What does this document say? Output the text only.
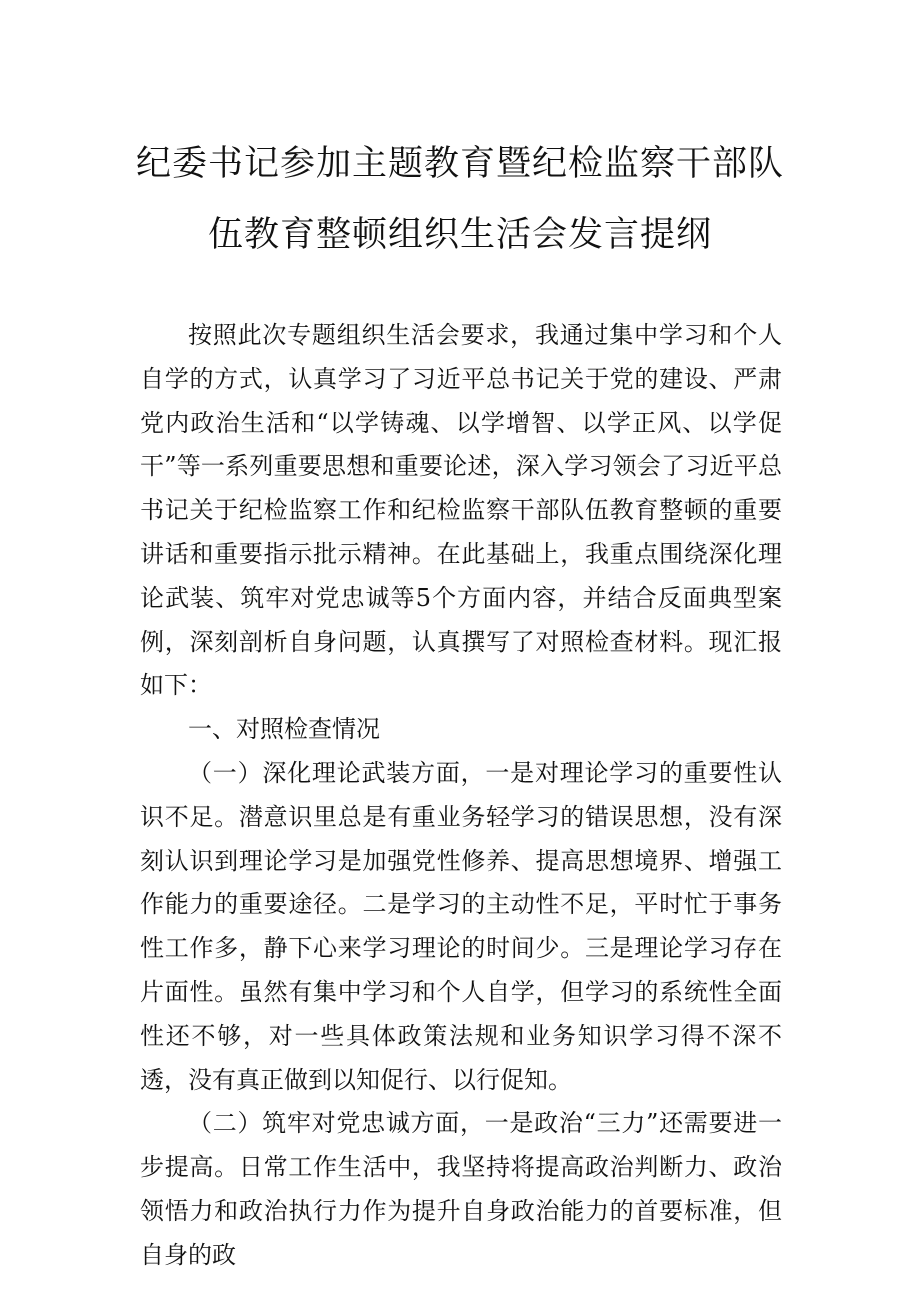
纪委书记参加主题教育暨纪检监察干部队
伍教育整顿组织生活会发言提纲

按照此次专题组织生活会要求，我通过集中学习和个人自学的方式，认真学习了习近平总书记关于党的建设、严肃党内政治生活和“以学铸魂、以学增智、以学正风、以学促干”等一系列重要思想和重要论述，深入学习领会了习近平总书记关于纪检监察工作和纪检监察干部队伍教育整顿的重要讲话和重要指示批示精神。在此基础上，我重点围绕深化理论武装、筑牢对党忠诚等5个方面内容，并结合反面典型案例，深刻剖析自身问题，认真撰写了对照检查材料。现汇报如下：

一、对照检查情况

（一）深化理论武装方面，一是对理论学习的重要性认识不足。潜意识里总是有重业务轻学习的错误思想，没有深刻认识到理论学习是加强党性修养、提高思想境界、增强工作能力的重要途径。二是学习的主动性不足，平时忙于事务性工作多，静下心来学习理论的时间少。三是理论学习存在片面性。虽然有集中学习和个人自学，但学习的系统性全面性还不够，对一些具体政策法规和业务知识学习得不深不透，没有真正做到以知促行、以行促知。

（二）筑牢对党忠诚方面，一是政治“三力”还需要进一步提高。日常工作生活中，我坚持将提高政治判断力、政治领悟力和政治执行力作为提升自身政治能力的首要标准，但自身的政
